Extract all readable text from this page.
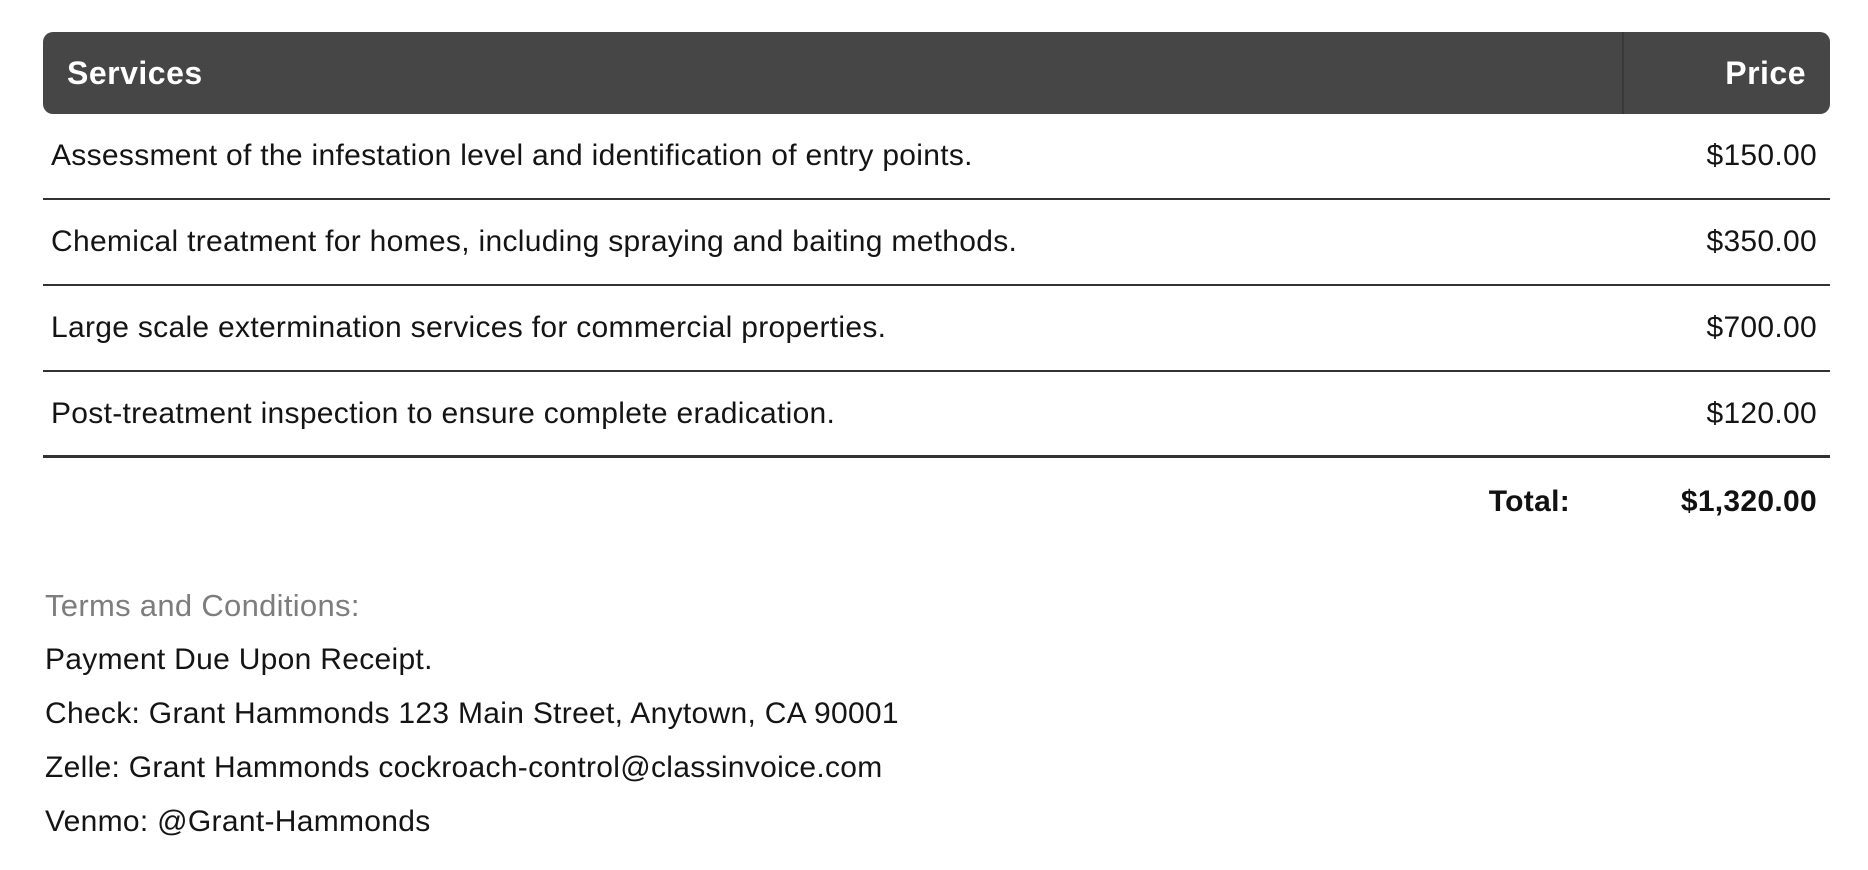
Services	Price
Assessment of the infestation level and identification of entry points.	$150.00
Chemical treatment for homes, including spraying and baiting methods.	$350.00
Large scale extermination services for commercial properties.	$700.00
Post-treatment inspection to ensure complete eradication.	$120.00
Total:	$1,320.00
Terms and Conditions:
Payment Due Upon Receipt.
Check: Grant Hammonds 123 Main Street, Anytown, CA 90001
Zelle: Grant Hammonds cockroach-control@classinvoice.com
Venmo: @Grant-Hammonds
